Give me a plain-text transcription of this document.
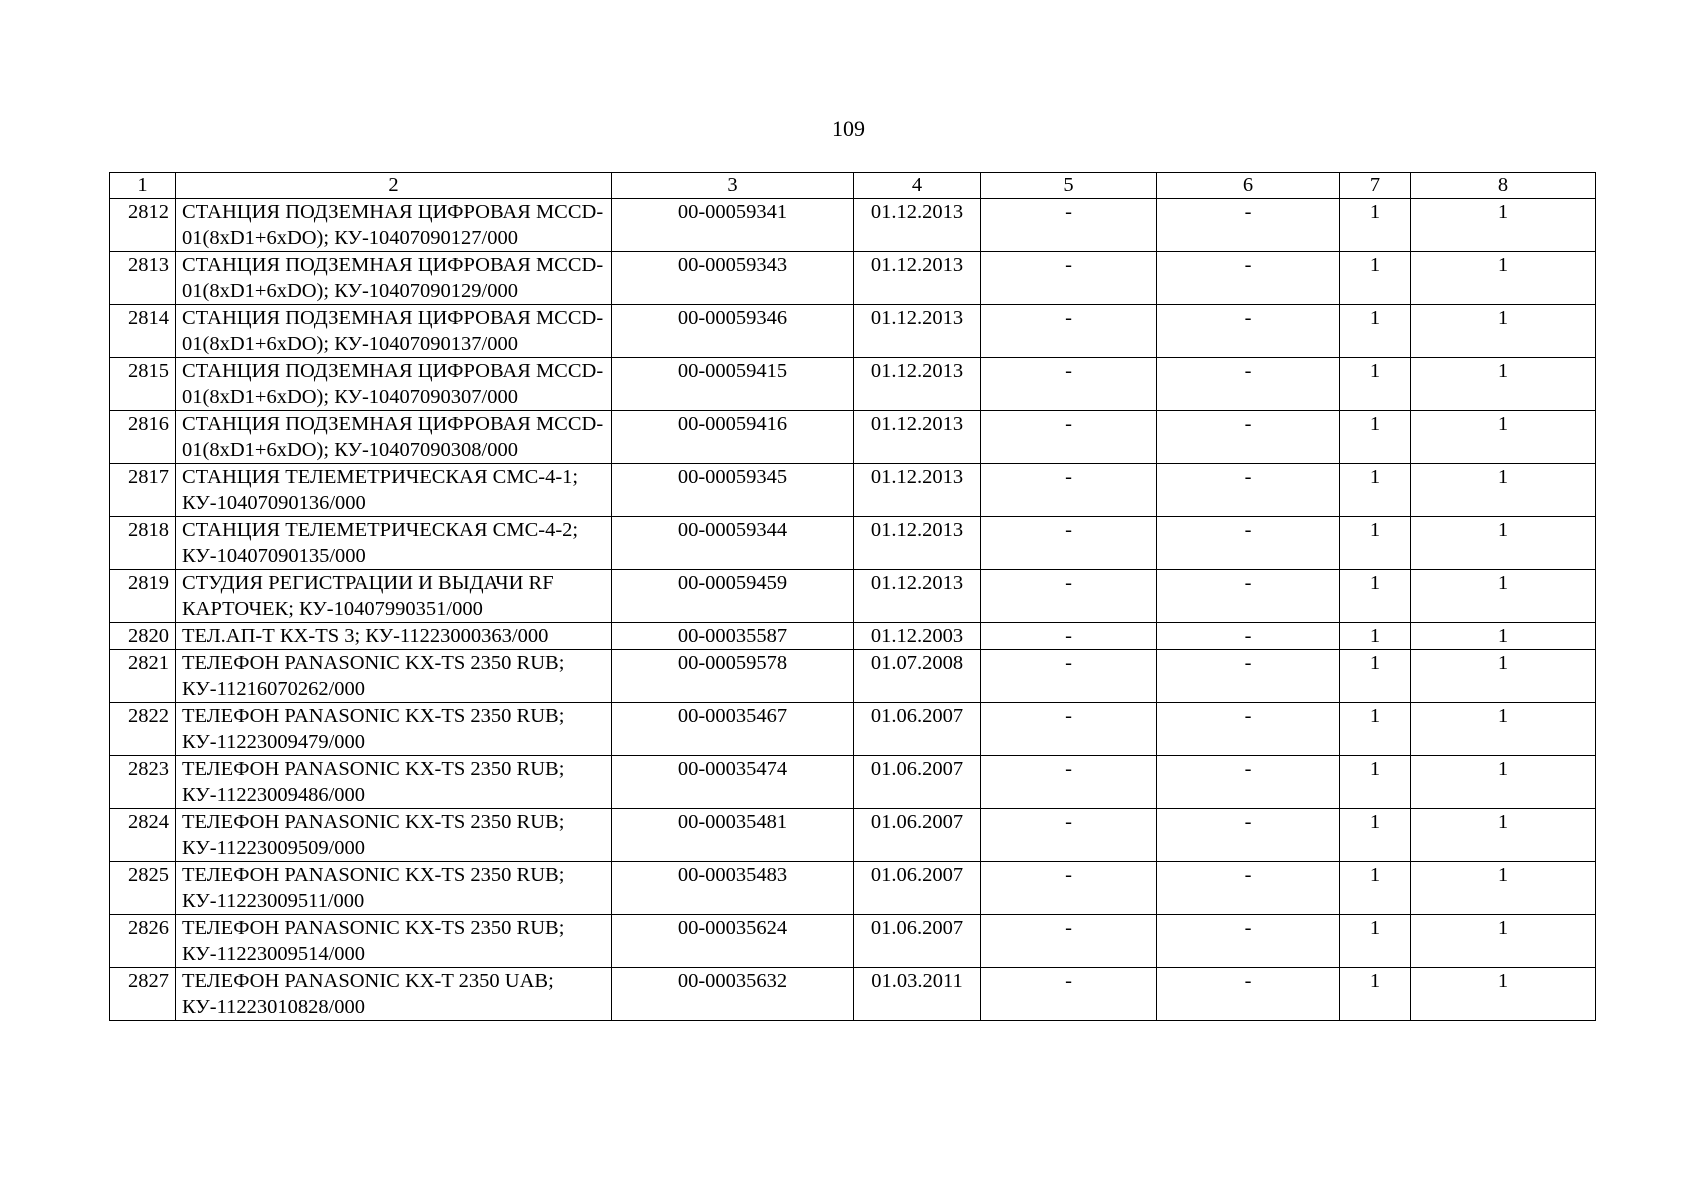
109
1	2	3	4	5	6	7	8
2812	СТАНЦИЯ ПОДЗЕМНАЯ ЦИФРОВАЯ MCCD-01(8xD1+6xDO); КУ-10407090127/000	00-00059341	01.12.2013	-	-	1	1
2813	СТАНЦИЯ ПОДЗЕМНАЯ ЦИФРОВАЯ MCCD-01(8xD1+6xDO); КУ-10407090129/000	00-00059343	01.12.2013	-	-	1	1
2814	СТАНЦИЯ ПОДЗЕМНАЯ ЦИФРОВАЯ MCCD-01(8xD1+6xDO); КУ-10407090137/000	00-00059346	01.12.2013	-	-	1	1
2815	СТАНЦИЯ ПОДЗЕМНАЯ ЦИФРОВАЯ MCCD-01(8xD1+6xDO); КУ-10407090307/000	00-00059415	01.12.2013	-	-	1	1
2816	СТАНЦИЯ ПОДЗЕМНАЯ ЦИФРОВАЯ MCCD-01(8xD1+6xDO); КУ-10407090308/000	00-00059416	01.12.2013	-	-	1	1
2817	СТАНЦИЯ ТЕЛЕМЕТРИЧЕСКАЯ СМС-4-1; КУ-10407090136/000	00-00059345	01.12.2013	-	-	1	1
2818	СТАНЦИЯ ТЕЛЕМЕТРИЧЕСКАЯ СМС-4-2; КУ-10407090135/000	00-00059344	01.12.2013	-	-	1	1
2819	СТУДИЯ РЕГИСТРАЦИИ И ВЫДАЧИ RF КАРТОЧЕК; КУ-10407990351/000	00-00059459	01.12.2013	-	-	1	1
2820	ТЕЛ.АП-Т КХ-TS 3; КУ-11223000363/000	00-00035587	01.12.2003	-	-	1	1
2821	ТЕЛЕФОН PANASONIC KX-TS 2350 RUB; КУ-11216070262/000	00-00059578	01.07.2008	-	-	1	1
2822	ТЕЛЕФОН PANASONIC KX-TS 2350 RUB; КУ-11223009479/000	00-00035467	01.06.2007	-	-	1	1
2823	ТЕЛЕФОН PANASONIC KX-TS 2350 RUB; КУ-11223009486/000	00-00035474	01.06.2007	-	-	1	1
2824	ТЕЛЕФОН PANASONIC KX-TS 2350 RUB; КУ-11223009509/000	00-00035481	01.06.2007	-	-	1	1
2825	ТЕЛЕФОН PANASONIC KX-TS 2350 RUB; КУ-11223009511/000	00-00035483	01.06.2007	-	-	1	1
2826	ТЕЛЕФОН PANASONIC KX-TS 2350 RUB; КУ-11223009514/000	00-00035624	01.06.2007	-	-	1	1
2827	ТЕЛЕФОН PANASONIC KX-T 2350 UAB; КУ-11223010828/000	00-00035632	01.03.2011	-	-	1	1
